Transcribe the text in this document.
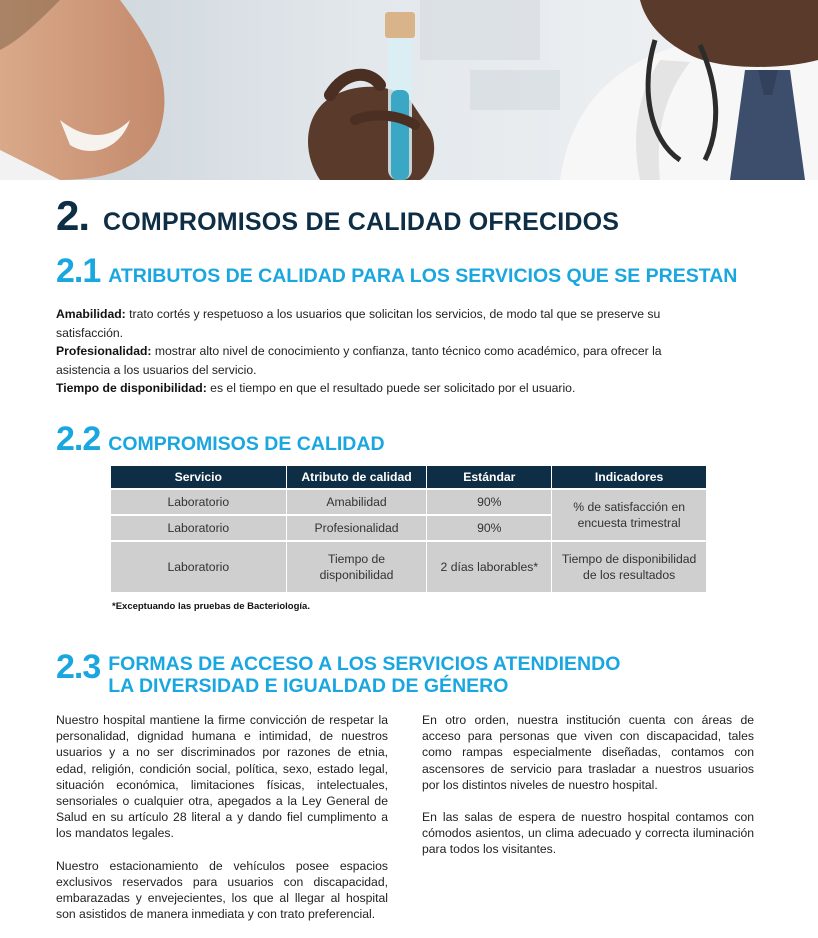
2. COMPROMISOS DE CALIDAD OFRECIDOS
2.1 ATRIBUTOS DE CALIDAD PARA LOS SERVICIOS QUE SE PRESTAN

Amabilidad: trato cortés y respetuoso a los usuarios que solicitan los servicios, de modo tal que se preserve su satisfacción.

Profesionalidad: mostrar alto nivel de conocimiento y confianza, tanto técnico como académico, para ofrecer la asistencia a los usuarios del servicio.

Tiempo de disponibilidad: es el tiempo en que el resultado puede ser solicitado por el usuario.

2.2 COMPROMISOS DE CALIDAD
Servicio	Atributo de calidad	Estándar	Indicadores
Laboratorio	Amabilidad	90%	% de satisfacción en encuesta trimestral
Laboratorio	Profesionalidad	90%	
Laboratorio	Tiempo de disponibilidad	2 días laborables*	Tiempo de disponibilidad de los resultados
*Exceptuando las pruebas de Bacteriología.
2.3 FORMAS DE ACCESO A LOS SERVICIOS ATENDIENDO
LA DIVERSIDAD E IGUALDAD DE GÉNERO

Nuestro hospital mantiene la firme convicción de respetar la personalidad, dignidad humana e intimidad, de nuestros usuarios y a no ser discriminados por razones de etnia, edad, religión, condición social, política, sexo, estado legal, situación económica, limitaciones físicas, intelectuales, sensoriales o cualquier otra, apegados a la Ley General de Salud en su artículo 28 literal a y dando fiel cumplimento a los mandatos legales.

Nuestro estacionamiento de vehículos posee espacios exclusivos reservados para usuarios con discapacidad, embarazadas y envejecientes, los que al llegar al hospital son asistidos de manera inmediata y con trato preferencial.

En otro orden, nuestra institución cuenta con áreas de acceso para personas que viven con discapacidad, tales como rampas especialmente diseñadas, contamos con ascensores de servicio para trasladar a nuestros usuarios por los distintos niveles de nuestro hospital.

En las salas de espera de nuestro hospital contamos con cómodos asientos, un clima adecuado y correcta iluminación para todos los visitantes.
